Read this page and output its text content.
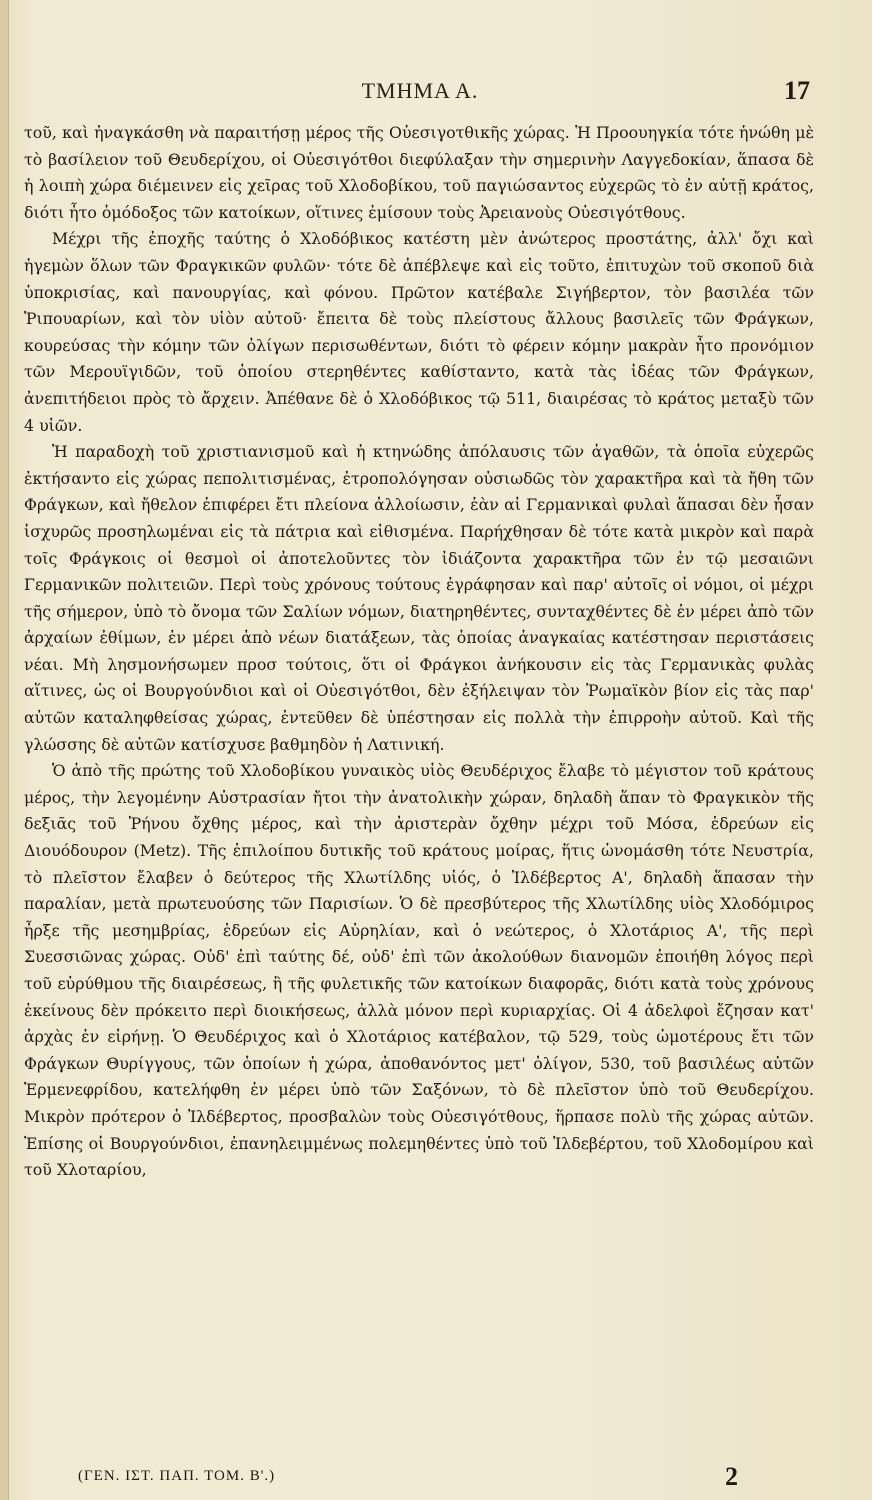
ΤΜΗΜΑ Α.	17

τοῦ, καὶ ἠναγκάσθη νὰ παραιτήσῃ μέρος τῆς Οὐεσιγοτθικῆς χώρας. Ἡ Προουηγκία τότε ἡνώθη μὲ τὸ βασίλειον τοῦ Θευδερίχου, οἱ Οὐεσιγότθοι διεφύλαξαν τὴν σημερινὴν Λαγγεδοκίαν, ἅπασα δὲ ἡ λοιπὴ χώρα διέμεινεν εἰς χεῖρας τοῦ Χλοδοβίκου, τοῦ παγιώσαντος εὐχερῶς τὸ ἐν αὐτῇ κράτος, διότι ἦτο ὁμόδοξος τῶν κατοίκων, οἵτινες ἐμίσουν τοὺς Ἀρειανοὺς Οὐεσιγότθους.

Μέχρι τῆς ἐποχῆς ταύτης ὁ Χλοδόβικος κατέστη μὲν ἀνώτερος προστάτης, ἀλλ' ὄχι καὶ ἡγεμὼν ὅλων τῶν Φραγκικῶν φυλῶν· τότε δὲ ἀπέβλεψε καὶ εἰς τοῦτο, ἐπιτυχὼν τοῦ σκοποῦ διὰ ὑποκρισίας, καὶ πανουργίας, καὶ φόνου. Πρῶτον κατέβαλε Σιγήβερτον, τὸν βασιλέα τῶν Ῥιπουαρίων, καὶ τὸν υἱὸν αὐτοῦ· ἔπειτα δὲ τοὺς πλείστους ἄλλους βασιλεῖς τῶν Φράγκων, κουρεύσας τὴν κόμην τῶν ὀλίγων περισωθέντων, διότι τὸ φέρειν κόμην μακρὰν ἦτο προνόμιον τῶν Μερουϊγιδῶν, τοῦ ὁποίου στερηθέντες καθίσταντο, κατὰ τὰς ἰδέας τῶν Φράγκων, ἀνεπιτήδειοι πρὸς τὸ ἄρχειν. Ἀπέθανε δὲ ὁ Χλοδόβικος τῷ 511, διαιρέσας τὸ κράτος μεταξὺ τῶν 4 υἱῶν.

Ἡ παραδοχὴ τοῦ χριστιανισμοῦ καὶ ἡ κτηνώδης ἀπόλαυσις τῶν ἀγαθῶν, τὰ ὁποῖα εὐχερῶς ἐκτήσαντο εἰς χώρας πεπολιτισμένας, ἐτροπολόγησαν οὐσιωδῶς τὸν χαρακτῆρα καὶ τὰ ἤθη τῶν Φράγκων, καὶ ἤθελον ἐπιφέρει ἔτι πλείονα ἀλλοίωσιν, ἐὰν αἱ Γερμανικαὶ φυλαὶ ἅπασαι δὲν ἦσαν ἰσχυρῶς προσηλωμέναι εἰς τὰ πάτρια καὶ εἰθισμένα. Παρήχθησαν δὲ τότε κατὰ μικρὸν καὶ παρὰ τοῖς Φράγκοις οἱ θεσμοὶ οἱ ἀποτελοῦντες τὸν ἰδιάζοντα χαρακτῆρα τῶν ἐν τῷ μεσαιῶνι Γερμανικῶν πολιτειῶν. Περὶ τοὺς χρόνους τούτους ἐγράφησαν καὶ παρ' αὐτοῖς οἱ νόμοι, οἱ μέχρι τῆς σήμερον, ὑπὸ τὸ ὄνομα τῶν Σαλίων νόμων, διατηρηθέντες, συνταχθέντες δὲ ἐν μέρει ἀπὸ τῶν ἀρχαίων ἐθίμων, ἐν μέρει ἀπὸ νέων διατάξεων, τὰς ὁποίας ἀναγκαίας κατέστησαν περιστάσεις νέαι. Μὴ λησμονήσωμεν προσ τούτοις, ὅτι οἱ Φράγκοι ἀνήκουσιν εἰς τὰς Γερμανικὰς φυλὰς αἵτινες, ὡς οἱ Βουργούνδιοι καὶ οἱ Οὐεσιγότθοι, δὲν ἐξήλειψαν τὸν Ῥωμαϊκὸν βίον εἰς τὰς παρ' αὐτῶν καταληφθείσας χώρας, ἐντεῦθεν δὲ ὑπέστησαν εἰς πολλὰ τὴν ἐπιρροὴν αὐτοῦ. Καὶ τῆς γλώσσης δὲ αὐτῶν κατίσχυσε βαθμηδὸν ἡ Λατινική.

Ὁ ἀπὸ τῆς πρώτης τοῦ Χλοδοβίκου γυναικὸς υἱὸς Θευδέριχος ἔλαβε τὸ μέγιστον τοῦ κράτους μέρος, τὴν λεγομένην Αὐστρασίαν ἤτοι τὴν ἀνατολικὴν χώραν, δηλαδὴ ἅπαν τὸ Φραγκικὸν τῆς δεξιᾶς τοῦ Ῥήνου ὄχθης μέρος, καὶ τὴν ἀριστερὰν ὄχθην μέχρι τοῦ Μόσα, ἑδρεύων εἰς Διουόδουρον (Metz). Τῆς ἐπιλοίπου δυτικῆς τοῦ κράτους μοίρας, ἥτις ὠνομάσθη τότε Νευστρία, τὸ πλεῖστον ἔλαβεν ὁ δεύτερος τῆς Χλωτίλδης υἱός, ὁ Ἰλδέβερτος Α', δηλαδὴ ἅπασαν τὴν παραλίαν, μετὰ πρωτευούσης τῶν Παρισίων. Ὁ δὲ πρεσβύτερος τῆς Χλωτίλδης υἱὸς Χλοδόμιρος ἦρξε τῆς μεσημβρίας, ἑδρεύων εἰς Αὐρηλίαν, καὶ ὁ νεώτερος, ὁ Χλοτάριος Α', τῆς περὶ Συεσσιῶνας χώρας. Οὐδ' ἐπὶ ταύτης δέ, οὐδ' ἐπὶ τῶν ἀκολούθων διανομῶν ἐποιήθη λόγος περὶ τοῦ εὐρύθμου τῆς διαιρέσεως, ἢ τῆς φυλετικῆς τῶν κατοίκων διαφορᾶς, διότι κατὰ τοὺς χρόνους ἐκείνους δὲν πρόκειτο περὶ διοικήσεως, ἀλλὰ μόνον περὶ κυριαρχίας. Οἱ 4 ἀδελφοὶ ἔζησαν κατ' ἀρχὰς ἐν εἰρήνῃ. Ὁ Θευδέριχος καὶ ὁ Χλοτάριος κατέβαλον, τῷ 529, τοὺς ὠμοτέρους ἔτι τῶν Φράγκων Θυρίγγους, τῶν ὁποίων ἡ χώρα, ἀποθανόντος μετ' ὀλίγον, 530, τοῦ βασιλέως αὐτῶν Ἑρμενεφρίδου, κατελήφθη ἐν μέρει ὑπὸ τῶν Σαξόνων, τὸ δὲ πλεῖστον ὑπὸ τοῦ Θευδερίχου. Μικρὸν πρότερον ὁ Ἰλδέβερτος, προσβαλὼν τοὺς Οὐεσιγότθους, ἥρπασε πολὺ τῆς χώρας αὐτῶν. Ἐπίσης οἱ Βουργούνδιοι, ἐπανηλειμμένως πολεμηθέντες ὑπὸ τοῦ Ἰλδεβέρτου, τοῦ Χλοδομίρου καὶ τοῦ Χλοταρίου,

(ΓΕΝ. ΙΣΤ. ΠΑΠ. ΤΟΜ. Β'.)	2
